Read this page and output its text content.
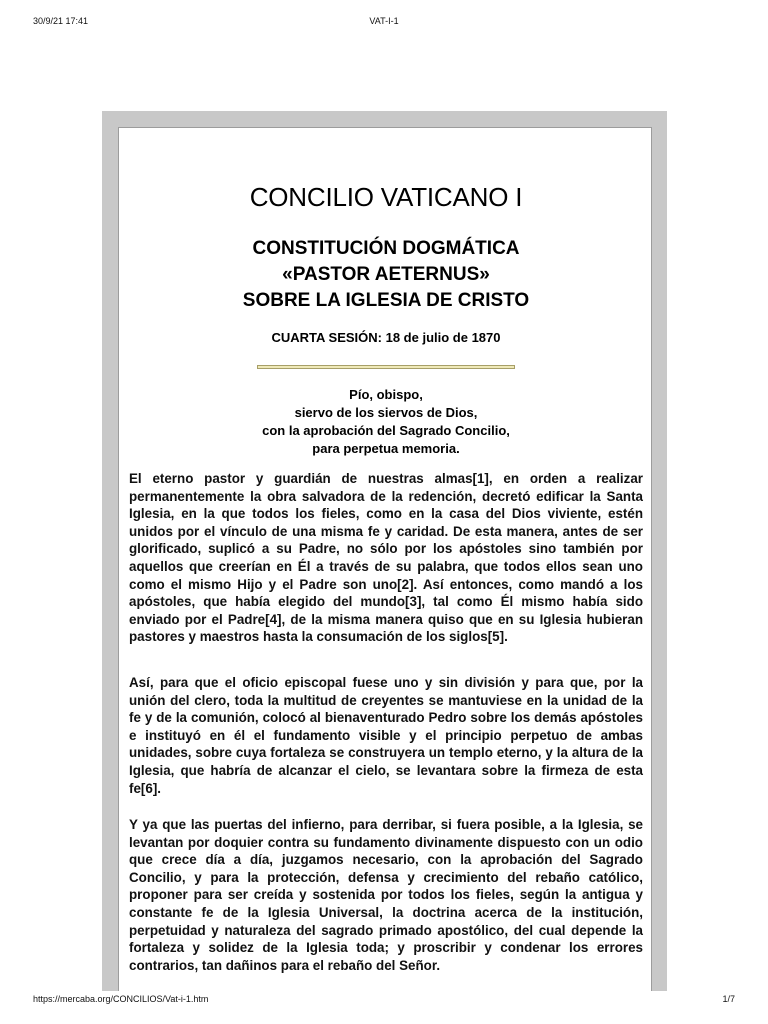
30/9/21 17:41	VAT-I-1
CONCILIO VATICANO I
CONSTITUCIÓN DOGMÁTICA
«PASTOR AETERNUS»
SOBRE LA IGLESIA DE CRISTO
CUARTA SESIÓN: 18 de julio de 1870
Pío, obispo,
siervo de los siervos de Dios,
con la aprobación del Sagrado Concilio,
para perpetua memoria.

El eterno pastor y guardián de nuestras almas[1], en orden a realizar permanentemente la obra salvadora de la redención, decretó edificar la Santa Iglesia, en la que todos los fieles, como en la casa del Dios viviente, estén unidos por el vínculo de una misma fe y caridad. De esta manera, antes de ser glorificado, suplicó a su Padre, no sólo por los apóstoles sino también por aquellos que creerían en Él a través de su palabra, que todos ellos sean uno como el mismo Hijo y el Padre son uno[2]. Así entonces, como mandó a los apóstoles, que había elegido del mundo[3], tal como Él mismo había sido enviado por el Padre[4], de la misma manera quiso que en su Iglesia hubieran pastores y maestros hasta la consumación de los siglos[5].

Así, para que el oficio episcopal fuese uno y sin división y para que, por la unión del clero, toda la multitud de creyentes se mantuviese en la unidad de la fe y de la comunión, colocó al bienaventurado Pedro sobre los demás apóstoles e instituyó en él el fundamento visible y el principio perpetuo de ambas unidades, sobre cuya fortaleza se construyera un templo eterno, y la altura de la Iglesia, que habría de alcanzar el cielo, se levantara sobre la firmeza de esta fe[6].

Y ya que las puertas del infierno, para derribar, si fuera posible, a la Iglesia, se levantan por doquier contra su fundamento divinamente dispuesto con un odio que crece día a día, juzgamos necesario, con la aprobación del Sagrado Concilio, y para la protección, defensa y crecimiento del rebaño católico, proponer para ser creída y sostenida por todos los fieles, según la antigua y constante fe de la Iglesia Universal, la doctrina acerca de la institución, perpetuidad y naturaleza del sagrado primado apostólico, del cual depende la fortaleza y solidez de la Iglesia toda; y proscribir y condenar los errores contrarios, tan dañinos para el rebaño del Señor.

https://mercaba.org/CONCILIOS/Vat-i-1.htm	1/7
